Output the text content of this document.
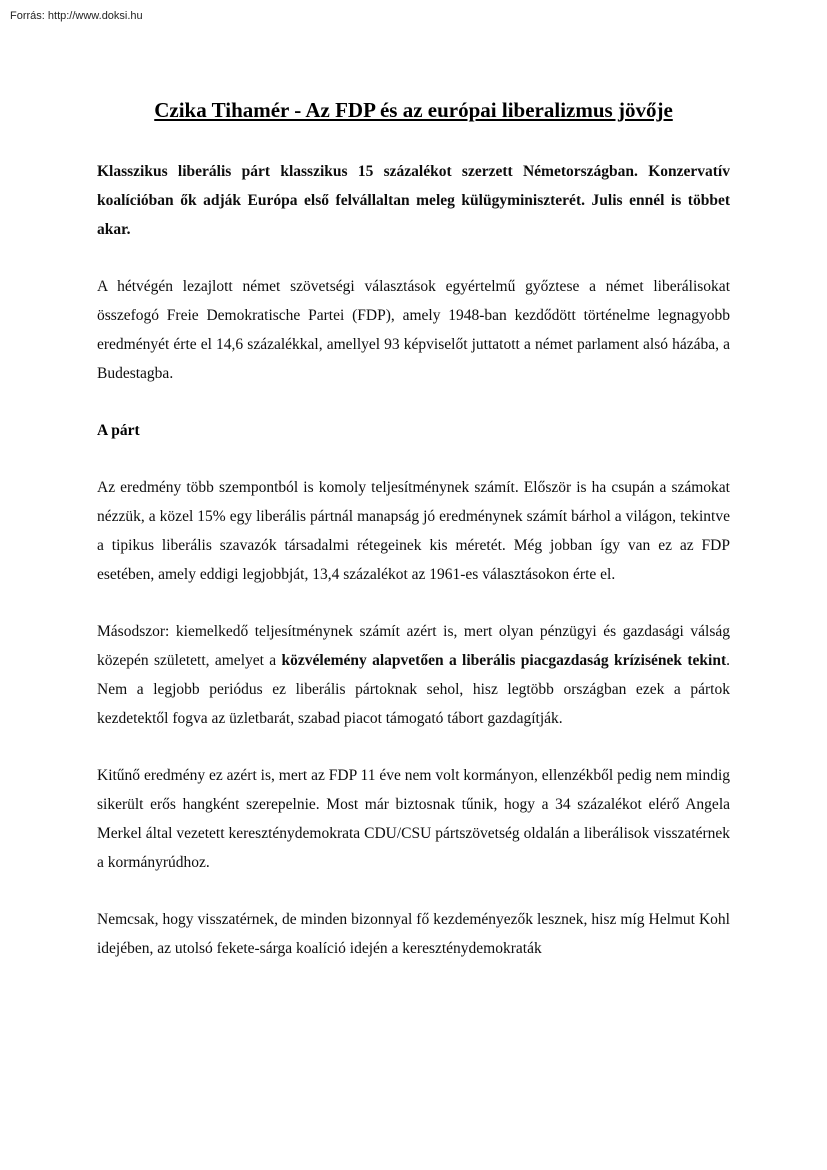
Forrás: http://www.doksi.hu
Czika Tihamér - Az FDP és az európai liberalizmus jövője

Klasszikus liberális párt klasszikus 15 százalékot szerzett Németországban. Konzervatív koalícióban ők adják Európa első felvállaltan meleg külügyminiszterét. Julis ennél is többet akar.

A hétvégén lezajlott német szövetségi választások egyértelmű győztese a német liberálisokat összefogó Freie Demokratische Partei (FDP), amely 1948-ban kezdődött történelme legnagyobb eredményét érte el 14,6 százalékkal, amellyel 93 képviselőt juttatott a német parlament alsó házába, a Budestagba.

A párt

Az eredmény több szempontból is komoly teljesítménynek számít. Először is ha csupán a számokat nézzük, a közel 15% egy liberális pártnál manapság jó eredménynek számít bárhol a világon, tekintve a tipikus liberális szavazók társadalmi rétegeinek kis méretét. Még jobban így van ez az FDP esetében, amely eddigi legjobbját, 13,4 százalékot az 1961-es választásokon érte el.

Másodszor: kiemelkedő teljesítménynek számít azért is, mert olyan pénzügyi és gazdasági válság közepén született, amelyet a közvélemény alapvetően a liberális piacgazdaság krízisének tekint. Nem a legjobb periódus ez liberális pártoknak sehol, hisz legtöbb országban ezek a pártok kezdetektől fogva az üzletbarát, szabad piacot támogató tábort gazdagítják.

Kitűnő eredmény ez azért is, mert az FDP 11 éve nem volt kormányon, ellenzékből pedig nem mindig sikerült erős hangként szerepelnie. Most már biztosnak tűnik, hogy a 34 százalékot elérő Angela Merkel által vezetett kereszténydemokrata CDU/CSU pártszövetség oldalán a liberálisok visszatérnek a kormányrúdhoz.

Nemcsak, hogy visszatérnek, de minden bizonnyal fő kezdeményezők lesznek, hisz míg Helmut Kohl idejében, az utolsó fekete-sárga koalíció idején a kereszténydemokraták
